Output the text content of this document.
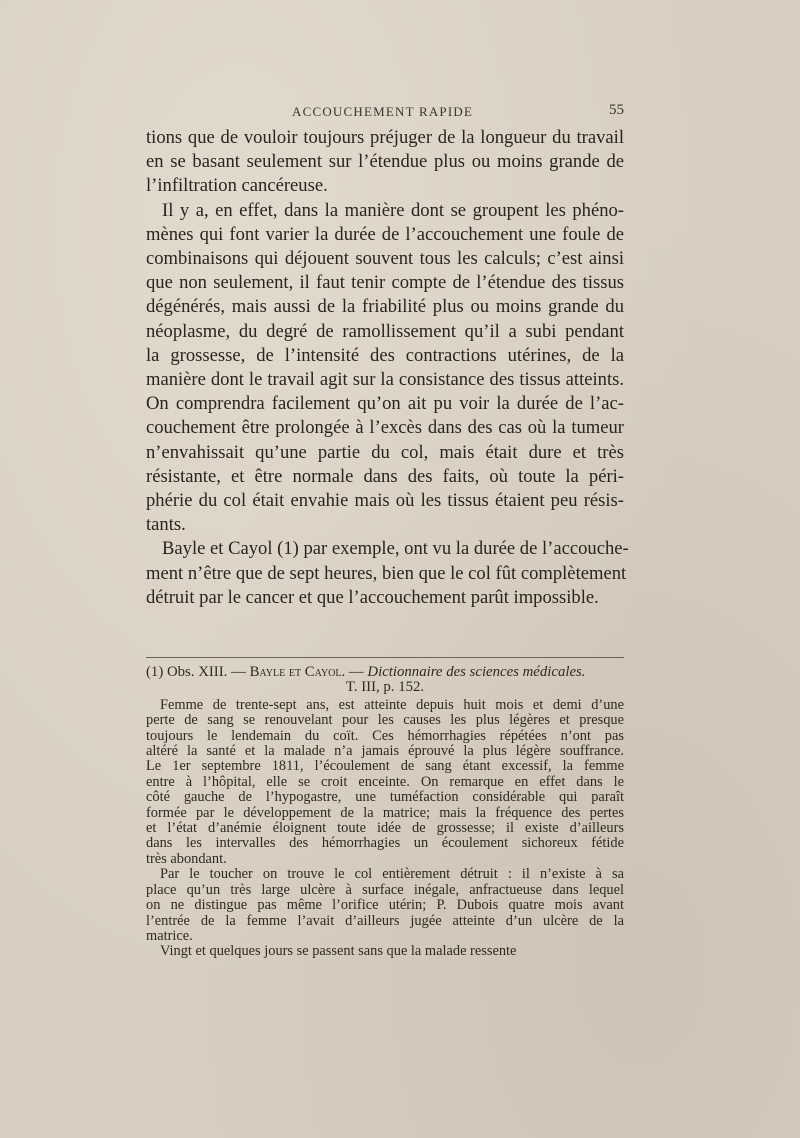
ACCOUCHEMENT RAPIDE	55
tions que de vouloir toujours préjuger de la longueur du travail
en se basant seulement sur l’étendue plus ou moins grande de
l’infiltration cancéreuse.
Il y a, en effet, dans la manière dont se groupent les phéno-
mènes qui font varier la durée de l’accouchement une foule de
combinaisons qui déjouent souvent tous les calculs; c’est ainsi
que non seulement, il faut tenir compte de l’étendue des tissus
dégénérés, mais aussi de la friabilité plus ou moins grande du
néoplasme, du degré de ramollissement qu’il a subi pendant
la grossesse, de l’intensité des contractions utérines, de la
manière dont le travail agit sur la consistance des tissus atteints.
On comprendra facilement qu’on ait pu voir la durée de l’ac-
couchement être prolongée à l’excès dans des cas où la tumeur
n’envahissait qu’une partie du col, mais était dure et très
résistante, et être normale dans des faits, où toute la péri-
phérie du col était envahie mais où les tissus étaient peu résis-
tants.
Bayle et Cayol (1) par exemple, ont vu la durée de l’accouche-
ment n’être que de sept heures, bien que le col fût complètement
détruit par le cancer et que l’accouchement parût impossible.
(1) Obs. XIII. — Bayle et Cayol. — Dictionnaire des sciences médicales.
T. III, p. 152.
Femme de trente-sept ans, est atteinte depuis huit mois et demi d’une
perte de sang se renouvelant pour les causes les plus légères et presque
toujours le lendemain du coït. Ces hémorrhagies répétées n’ont pas
altéré la santé et la malade n’a jamais éprouvé la plus légère souffrance.
Le 1er septembre 1811, l’écoulement de sang étant excessif, la femme
entre à l’hôpital, elle se croit enceinte. On remarque en effet dans le
côté gauche de l’hypogastre, une tuméfaction considérable qui paraît
formée par le développement de la matrice; mais la fréquence des pertes
et l’état d’anémie éloignent toute idée de grossesse; il existe d’ailleurs
dans les intervalles des hémorrhagies un écoulement sichoreux fétide
très abondant.
Par le toucher on trouve le col entièrement détruit : il n’existe à sa
place qu’un très large ulcère à surface inégale, anfractueuse dans lequel
on ne distingue pas même l’orifice utérin; P. Dubois quatre mois avant
l’entrée de la femme l’avait d’ailleurs jugée atteinte d’un ulcère de la
matrice.
Vingt et quelques jours se passent sans que la malade ressente
